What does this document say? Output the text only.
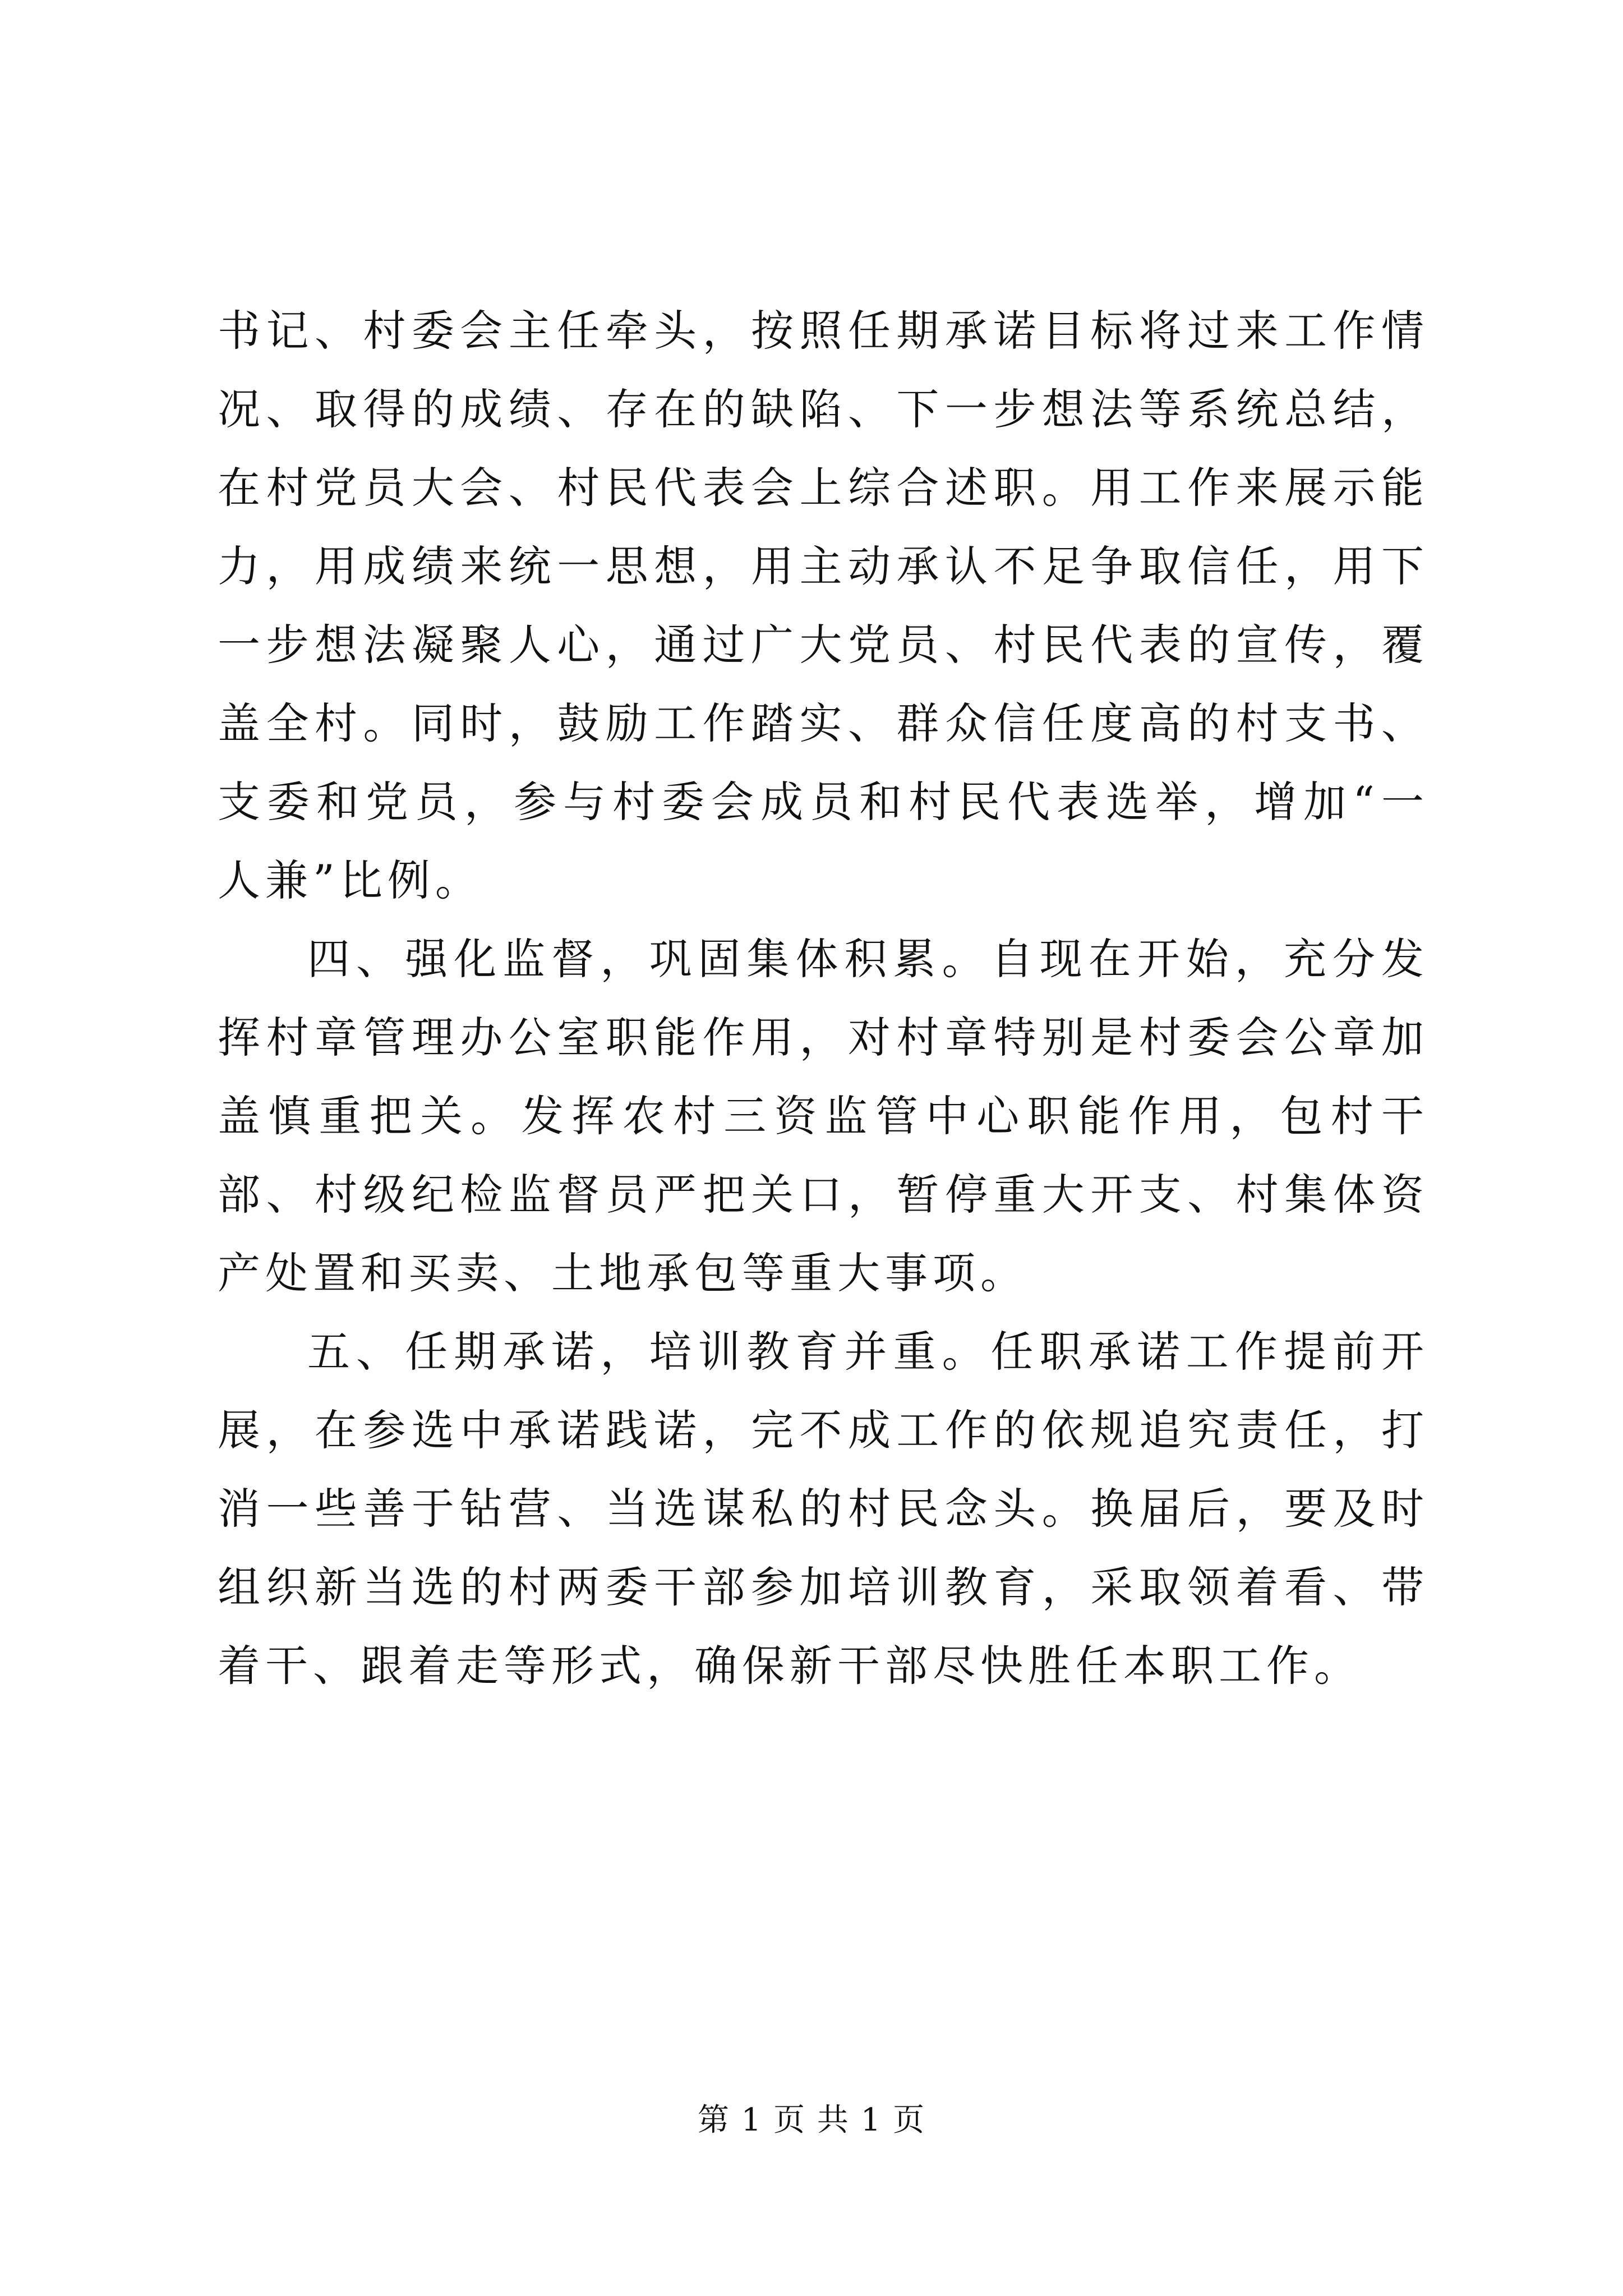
书记、村委会主任牵头，按照任期承诺目标将过来工作情况、取得的成绩、存在的缺陷、下一步想法等系统总结，在村党员大会、村民代表会上综合述职。用工作来展示能力，用成绩来统一思想，用主动承认不足争取信任，用下一步想法凝聚人心，通过广大党员、村民代表的宣传，覆盖全村。同时，鼓励工作踏实、群众信任度高的村支书、支委和党员，参与村委会成员和村民代表选举，增加“一人兼”比例。

四、强化监督，巩固集体积累。自现在开始，充分发挥村章管理办公室职能作用，对村章特别是村委会公章加盖慎重把关。发挥农村三资监管中心职能作用，包村干部、村级纪检监督员严把关口，暂停重大开支、村集体资产处置和买卖、土地承包等重大事项。

五、任期承诺，培训教育并重。任职承诺工作提前开展，在参选中承诺践诺，完不成工作的依规追究责任，打消一些善于钻营、当选谋私的村民念头。换届后，要及时组织新当选的村两委干部参加培训教育，采取领着看、带着干、跟着走等形式，确保新干部尽快胜任本职工作。

第 1 页 共 1 页
